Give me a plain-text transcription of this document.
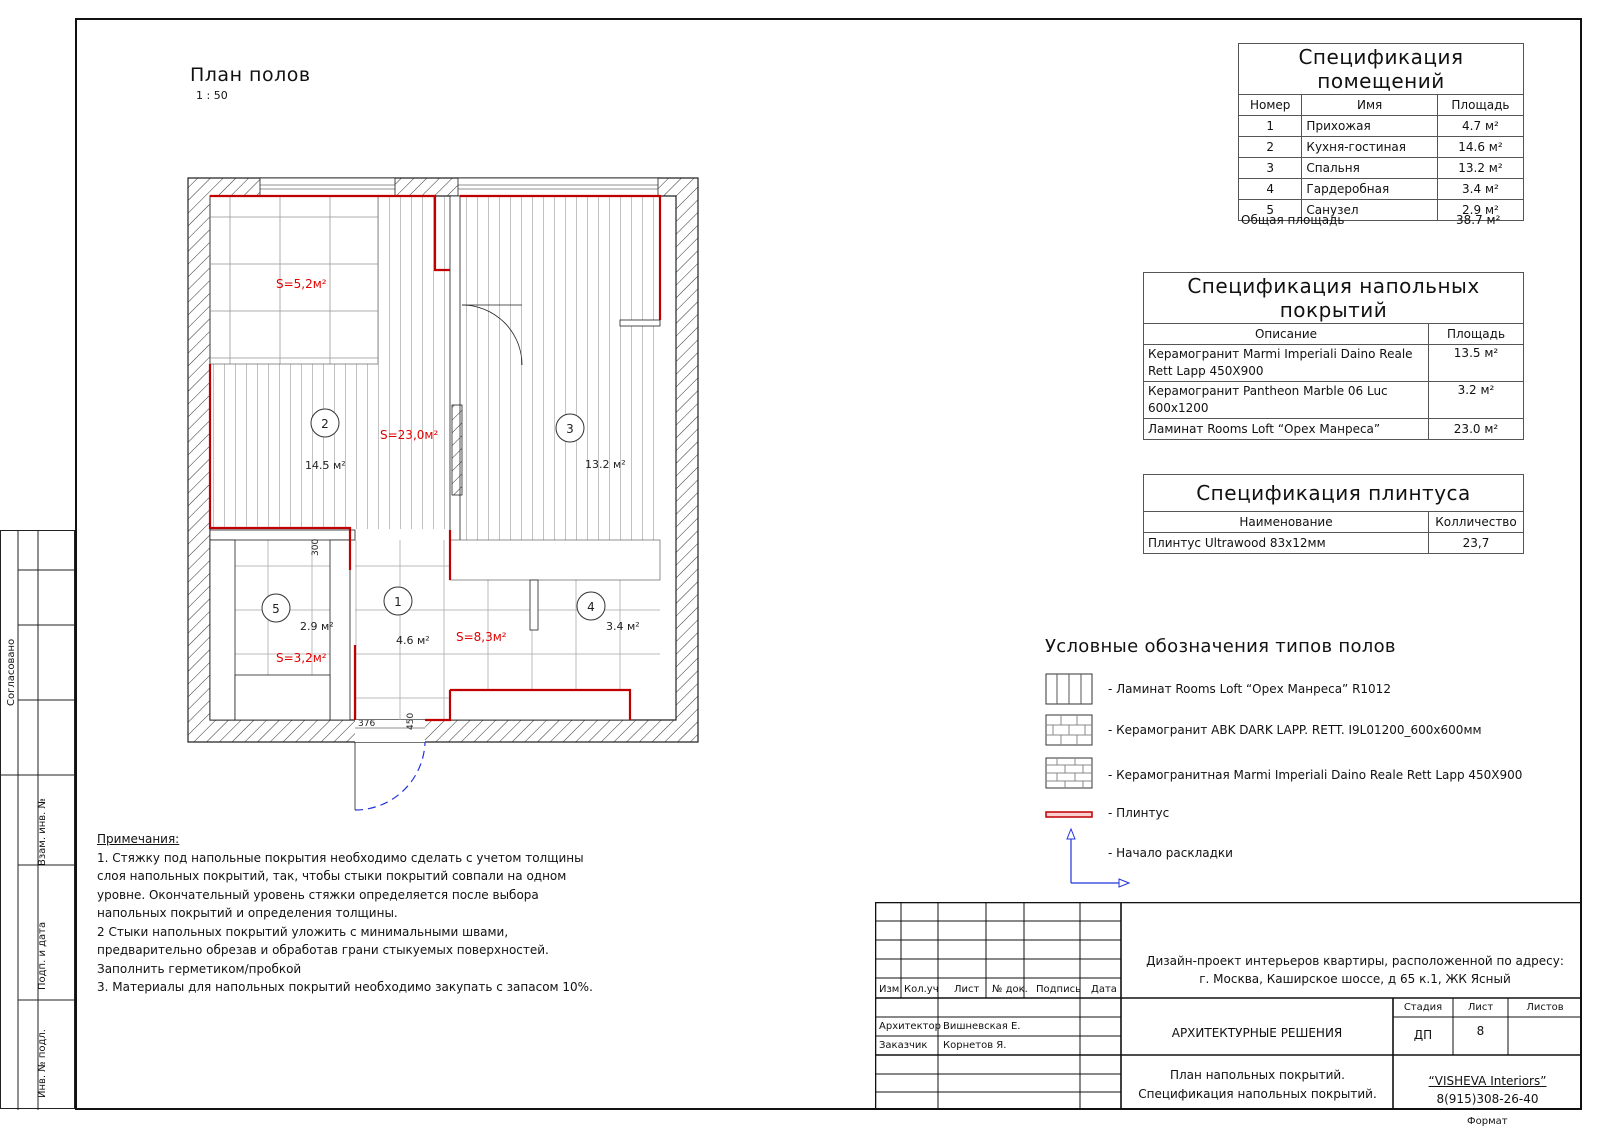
Согласовано
Взам. инв. №
Подп. и дата
Инв. № подл.
План полов
1 : 50
2	3
1	4
5
14.5 м²	13.2 м²
4.6 м²
3.4 м²
2.9 м²
S=5,2м²
S=23,0м²
S=8,3м²
S=3,2м²
300
376	450
Спецификация помещений		
Номер	Имя	Площадь
1	Прихожая	4.7 м²
2	Кухня-гостиная	14.6 м²
3	Спальня	13.2 м²
4	Гардеробная	3.4 м²
5	Санузел	2.9 м²
Общая площадь	38.7 м²
Спецификация напольных покрытий	
Описание	Площадь
Керамогранит Marmi Imperiali Daino Reale Rett Lapp 450X900	13.5 м²
Керамогранит Pantheon Marble 06 Luc 600x1200	3.2 м²
Ламинат Rooms Loft “Орех Манреса”	23.0 м²
Спецификация плинтуса	
Наименование	Колличество
Плинтус Ultrawood 83х12мм	23,7
Условные обозначения типов полов
- Ламинат Rooms Loft “Орех Манреса” R1012
- Керамогранит ABK DARK LAPP. RETT. I9L01200_600x600мм
- Керамогранитная Marmi Imperiali Daino Reale Rett Lapp 450X900
- Плинтус
- Начало раскладки
Примечания:
1. Стяжку под напольные покрытия необходимо сделать с учетом толщины
слоя напольных покрытий, так, чтобы стыки покрытий совпали на одном
уровне. Окончательный уровень стяжки определяется после выбора
напольных покрытий и определения толщины.
2 Стыки напольных покрытий уложить с минимальными швами,
предварительно обрезав и обработав грани стыкуемых поверхностей.
Заполнить герметиком/пробкой
3. Материалы для напольных покрытий необходимо закупать с запасом 10%.	Изм. Кол.уч Лист № док. Подпись Дата
Дизайн-проект интерьеров квартиры, расположенной по адресу: г. Москва, Каширское шоссе, д 65 к.1, ЖК Ясный
Архитектор Вишневская Е.
Заказчик Корнетов Я.
АРХИТЕКТУРНЫЕ РЕШЕНИЯ
Стадия	Лист	Листов
ДП	8
План напольных покрытий.
Спецификация напольных покрытий.
“VISHEVA Interiors”
8(915)308-26-40
Формат
